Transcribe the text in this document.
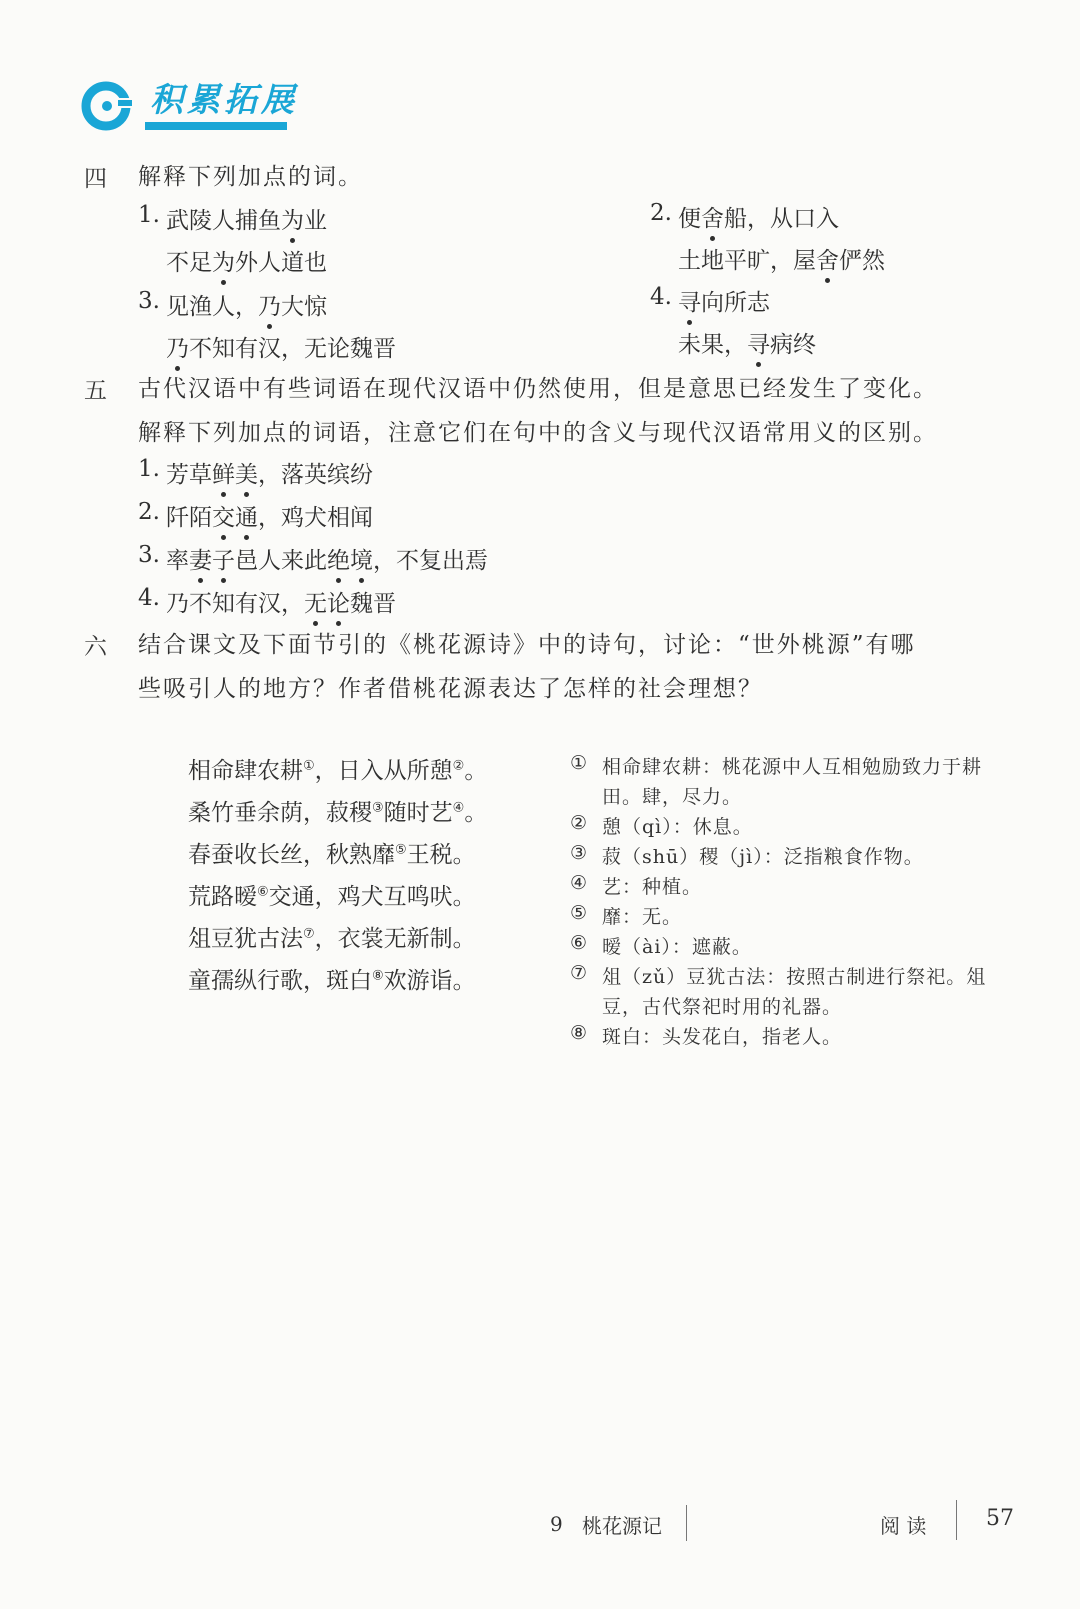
积累拓展
四 解释下列加点的词。
1. 武陵人捕鱼为业
不足为外人道也
2. 便舍船，从口入
土地平旷，屋舍俨然
3. 见渔人，乃大惊
乃不知有汉，无论魏晋
4. 寻向所志
未果，寻病终
五 古代汉语中有些词语在现代汉语中仍然使用，但是意思已经发生了变化。
解释下列加点的词语，注意它们在句中的含义与现代汉语常用义的区别。
1. 芳草鲜美，落英缤纷
2. 阡陌交通，鸡犬相闻
3. 率妻子邑人来此绝境，不复出焉
4. 乃不知有汉，无论魏晋
六 结合课文及下面节引的《桃花源诗》中的诗句，讨论：“世外桃源”有哪
些吸引人的地方？作者借桃花源表达了怎样的社会理想？
相命肆农耕①，日入从所憩②。
桑竹垂余荫，菽稷③随时艺④。
春蚕收长丝，秋熟靡⑤王税。
荒路暧⑥交通，鸡犬互鸣吠。
俎豆犹古法⑦，衣裳无新制。
童孺纵行歌，斑白⑧欢游诣。
① 相命肆农耕：桃花源中人互相勉励致力于耕
田。肆，尽力。
② 憩（qì）：休息。
③ 菽（shū）稷（jì）：泛指粮食作物。
④ 艺：种植。
⑤ 靡：无。
⑥ 暧（ài）：遮蔽。
⑦ 俎（zǔ）豆犹古法：按照古制进行祭祀。俎
豆，古代祭祀时用的礼器。
⑧ 斑白：头发花白，指老人。
9 桃花源记	阅 读	57
